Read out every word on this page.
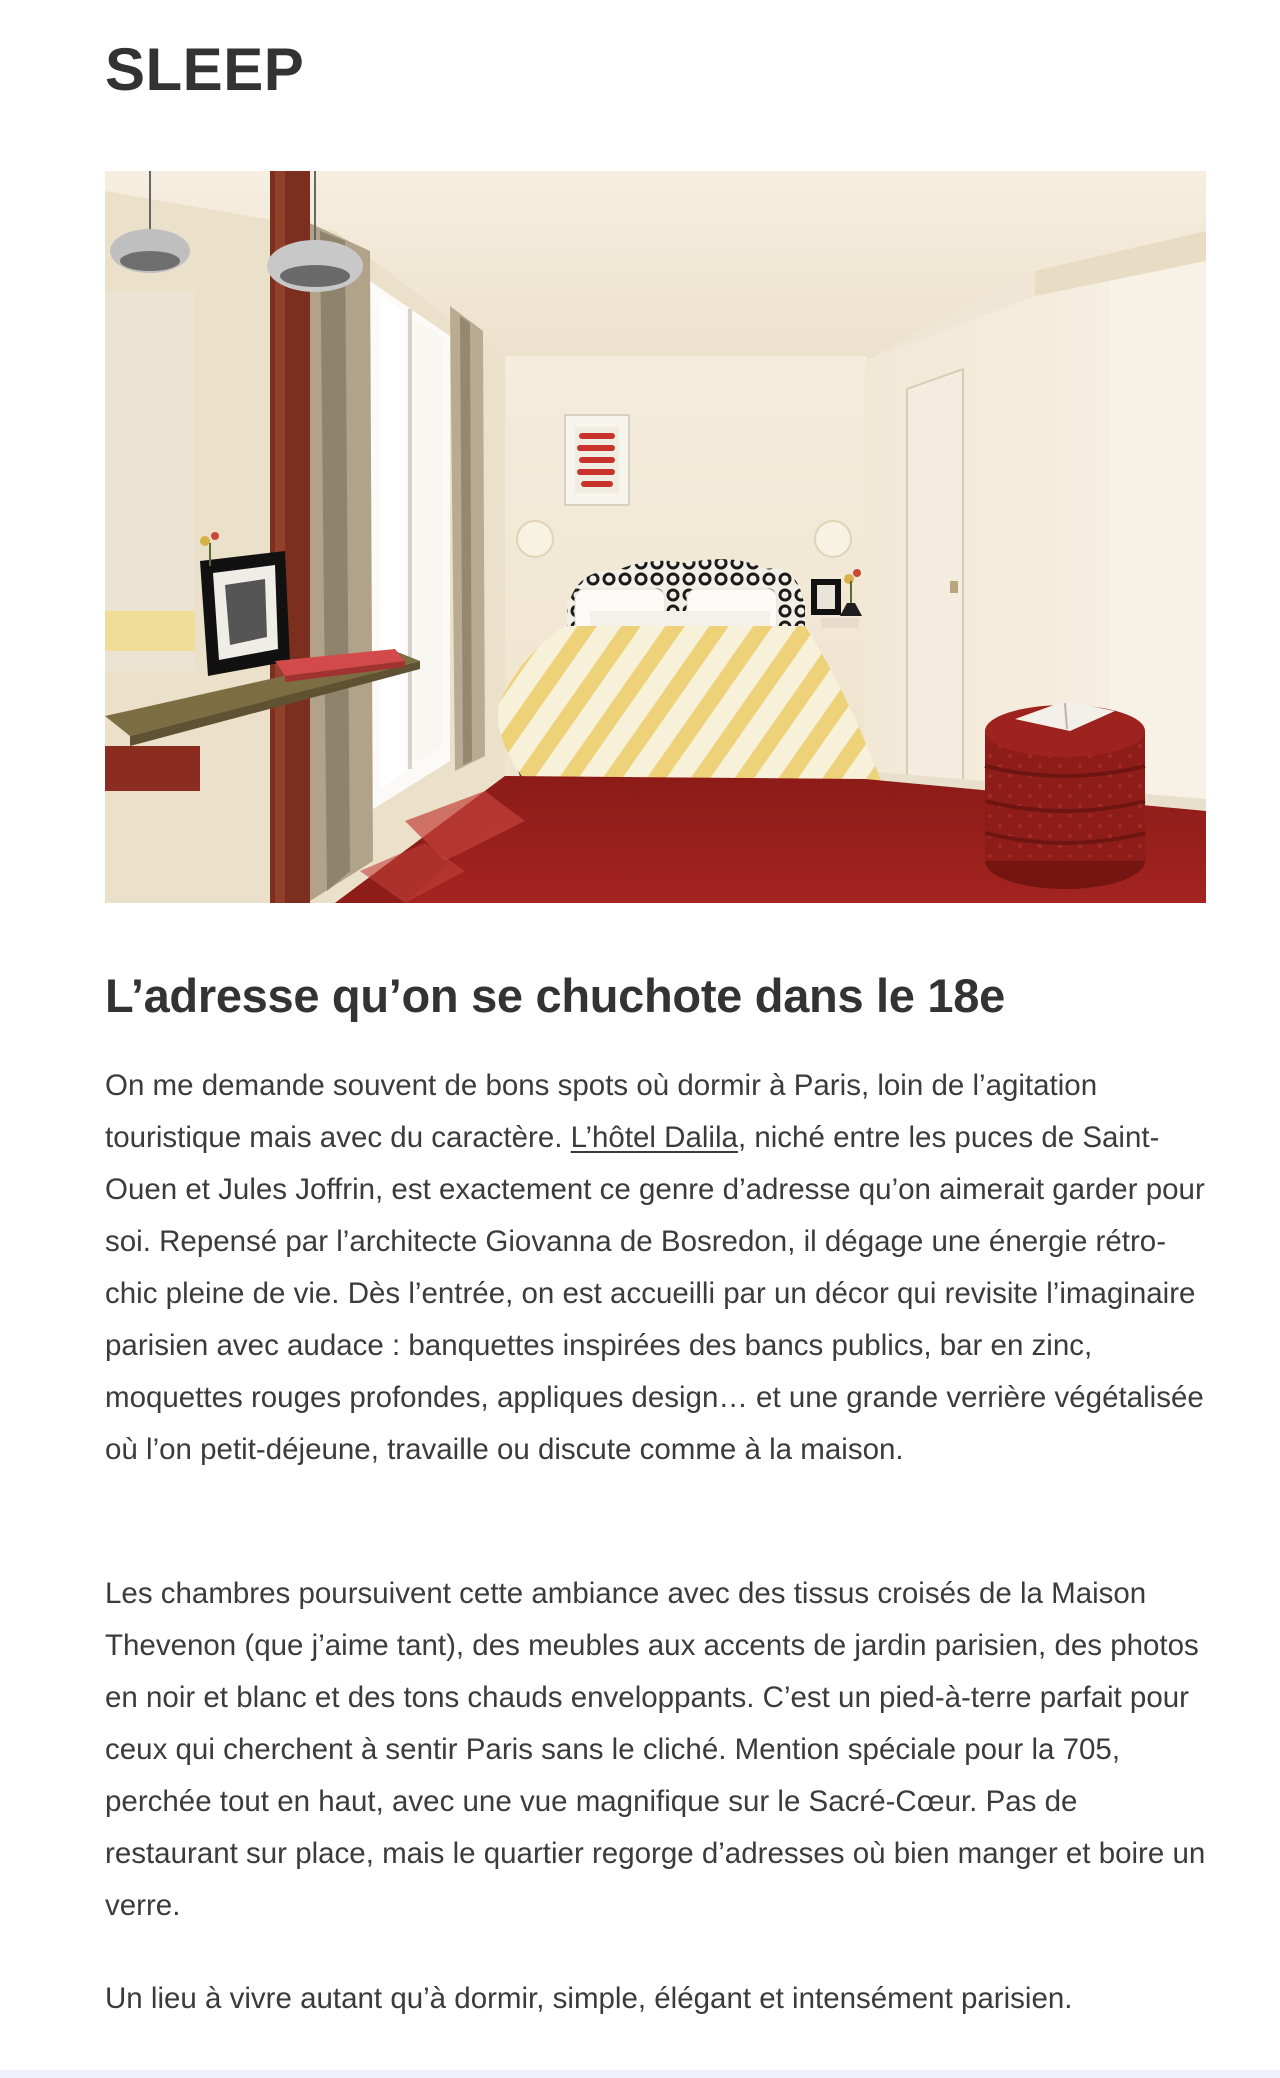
SLEEP
L’adresse qu’on se chuchote dans le 18e

On me demande souvent de bons spots où dormir à Paris, loin de l’agitation touristique mais avec du caractère. L’hôtel Dalila, niché entre les puces de Saint-Ouen et Jules Joffrin, est exactement ce genre d’adresse qu’on aimerait garder pour soi. Repensé par l’architecte Giovanna de Bosredon, il dégage une énergie rétro-chic pleine de vie. Dès l’entrée, on est accueilli par un décor qui revisite l’imaginaire parisien avec audace : banquettes inspirées des bancs publics, bar en zinc, moquettes rouges profondes, appliques design… et une grande verrière végétalisée où l’on petit-déjeune, travaille ou discute comme à la maison.

Les chambres poursuivent cette ambiance avec des tissus croisés de la Maison Thevenon (que j’aime tant), des meubles aux accents de jardin parisien, des photos en noir et blanc et des tons chauds enveloppants. C’est un pied-à-terre parfait pour ceux qui cherchent à sentir Paris sans le cliché. Mention spéciale pour la 705, perchée tout en haut, avec une vue magnifique sur le Sacré-Cœur. Pas de restaurant sur place, mais le quartier regorge d’adresses où bien manger et boire un verre.

Un lieu à vivre autant qu’à dormir, simple, élégant et intensément parisien.
